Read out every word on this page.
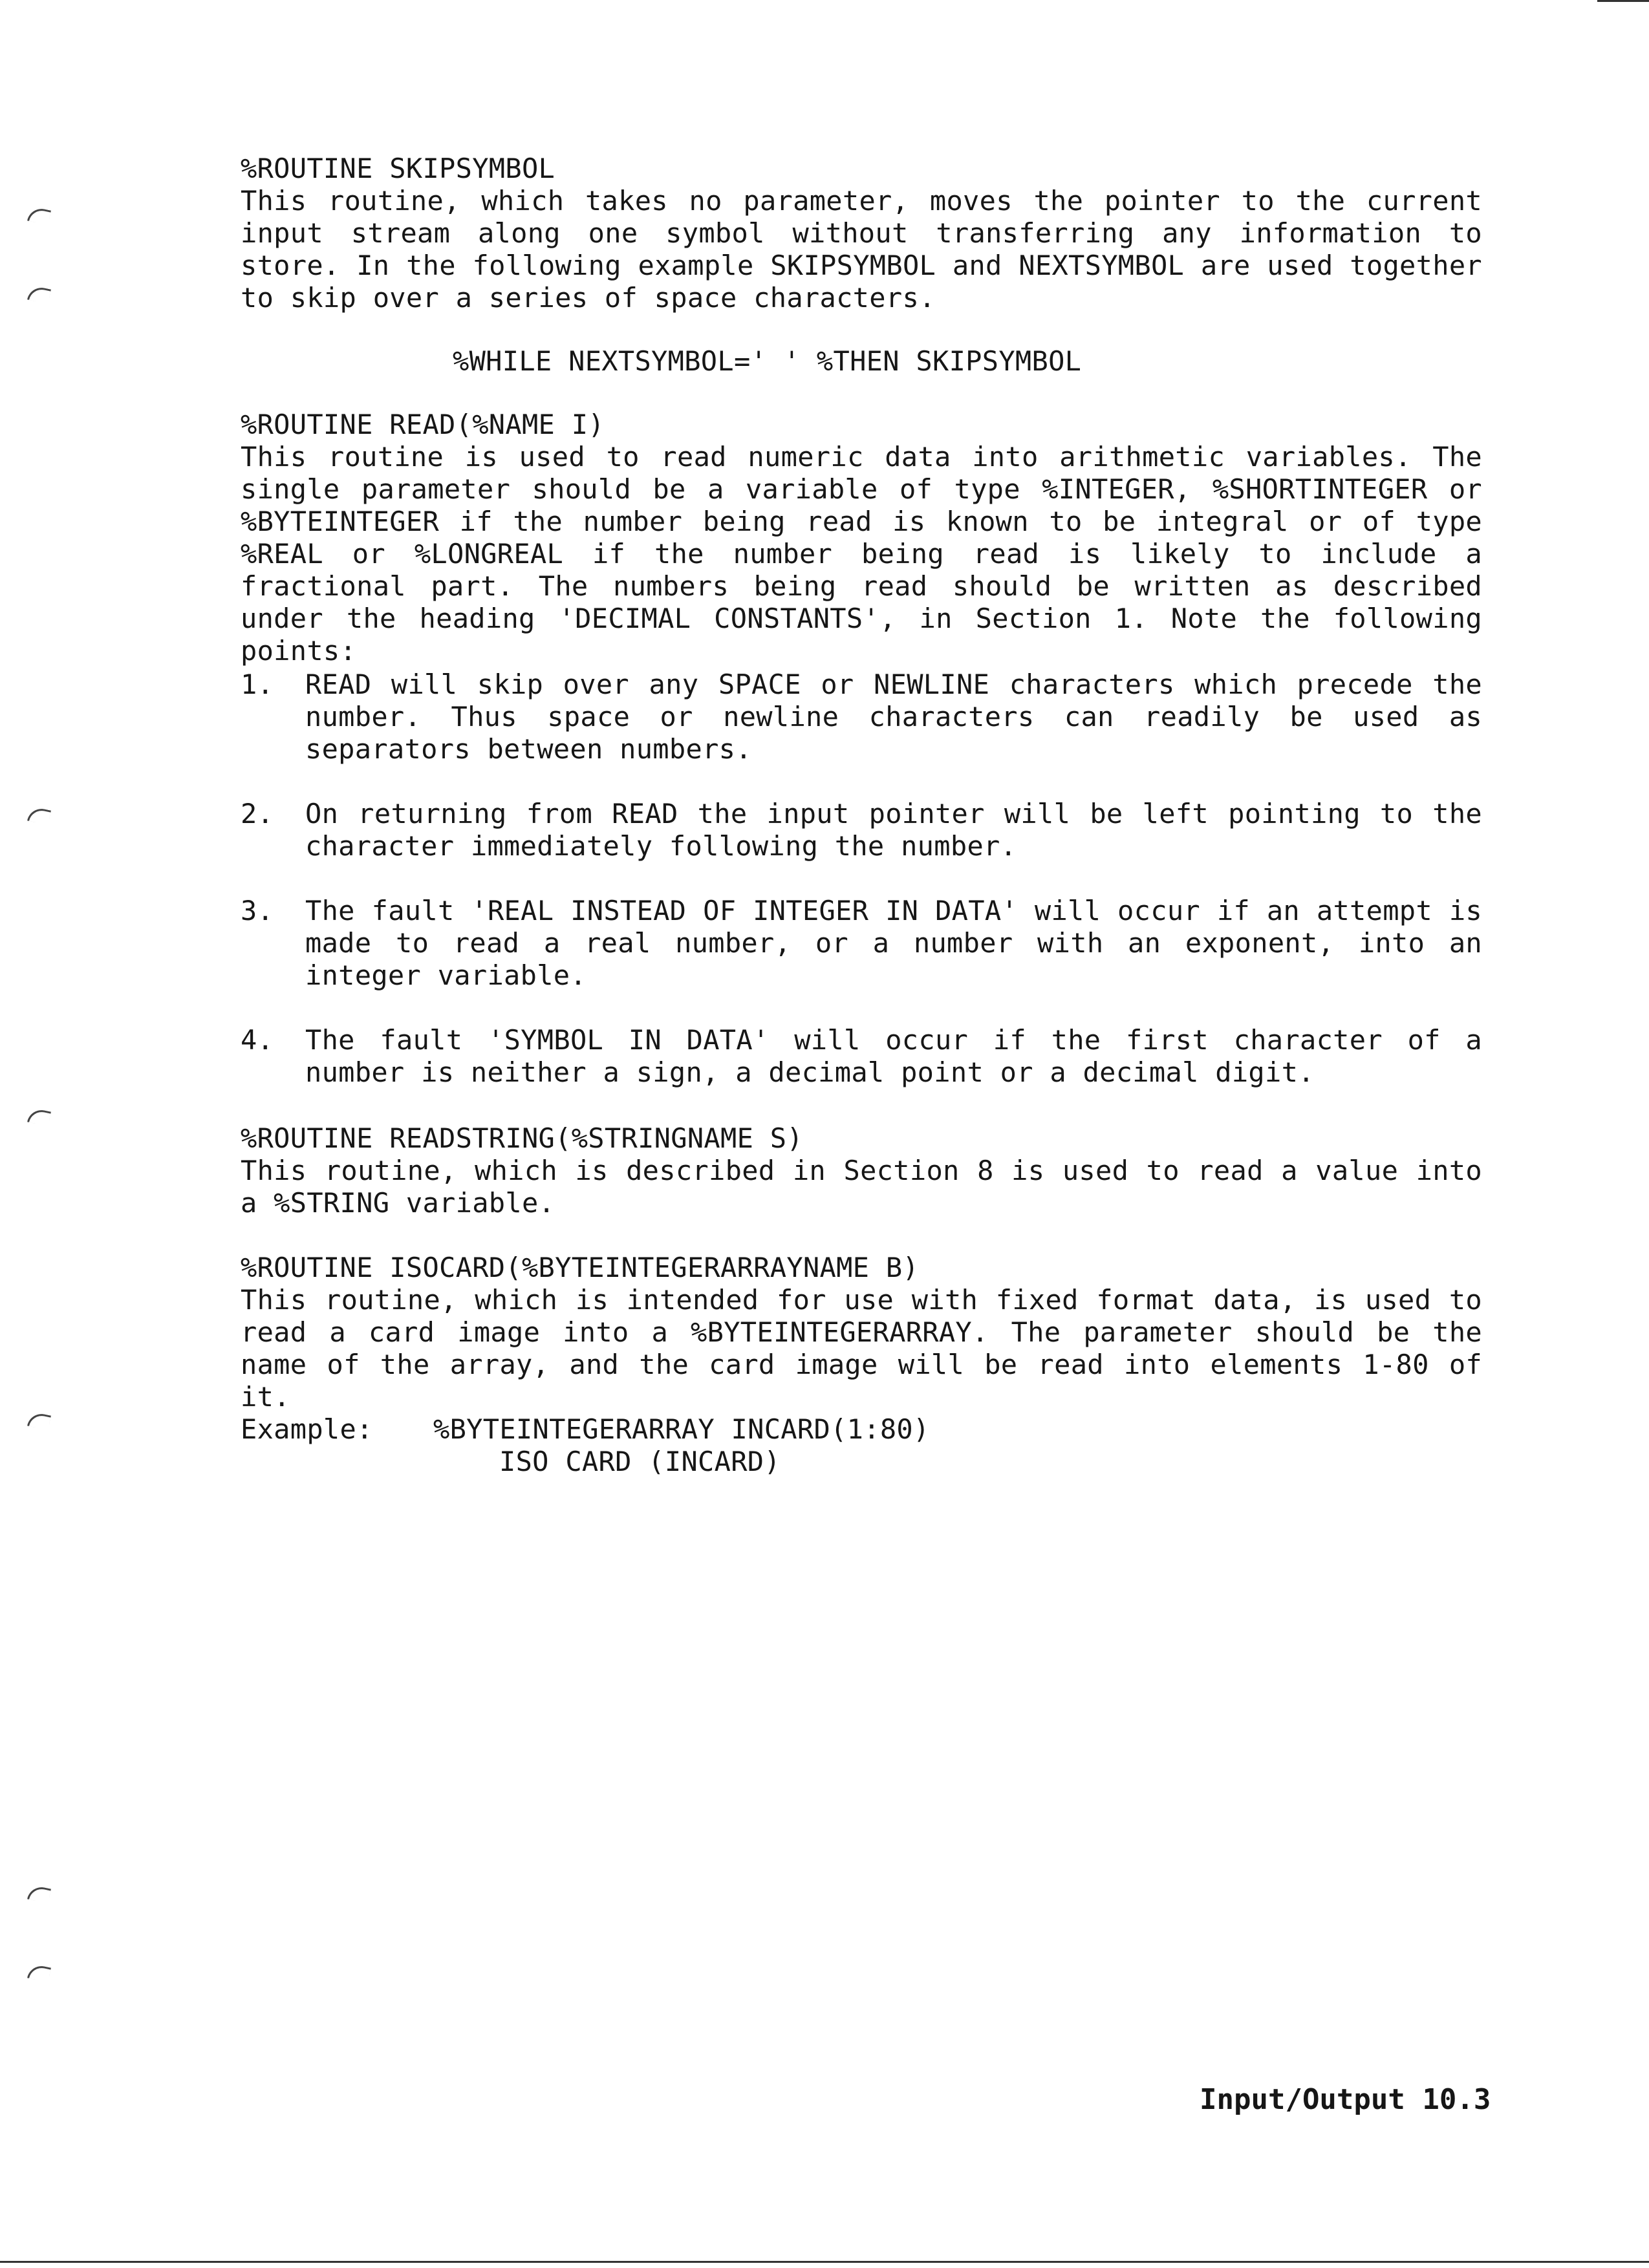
%ROUTINE SKIPSYMBOL
This routine, which takes no parameter, moves the pointer to the current input stream along one symbol without transferring any information to store. In the following example SKIPSYMBOL and NEXTSYMBOL are used together to skip over a series of space characters.
%WHILE NEXTSYMBOL=' ' %THEN SKIPSYMBOL
%ROUTINE READ(%NAME I)
This routine is used to read numeric data into arithmetic variables. The single parameter should be a variable of type %INTEGER, %SHORTINTEGER or %BYTEINTEGER if the number being read is known to be integral or of type %REAL or %LONGREAL if the number being read is likely to include a fractional part. The numbers being read should be written as described under the heading 'DECIMAL CONSTANTS', in Section 1. Note the following points:
1.	READ will skip over any SPACE or NEWLINE characters which precede the number. Thus space or newline characters can readily be used as separators between numbers.
2.	On returning from READ the input pointer will be left pointing to the character immediately following the number.
3.	The fault 'REAL INSTEAD OF INTEGER IN DATA' will occur if an attempt is made to read a real number, or a number with an exponent, into an integer variable.
4.	The fault 'SYMBOL IN DATA' will occur if the first character of a number is neither a sign, a decimal point or a decimal digit.
%ROUTINE READSTRING(%STRINGNAME S)
This routine, which is described in Section 8 is used to read a value into a %STRING variable.
%ROUTINE ISOCARD(%BYTEINTEGERARRAYNAME B)
This routine, which is intended for use with fixed format data, is used to read a card image into a %BYTEINTEGERARRAY. The parameter should be the name of the array, and the card image will be read into elements 1-80 of it.
Example: %BYTEINTEGERARRAY INCARD(1:80)
ISO CARD (INCARD)
Input/Output 10.3
